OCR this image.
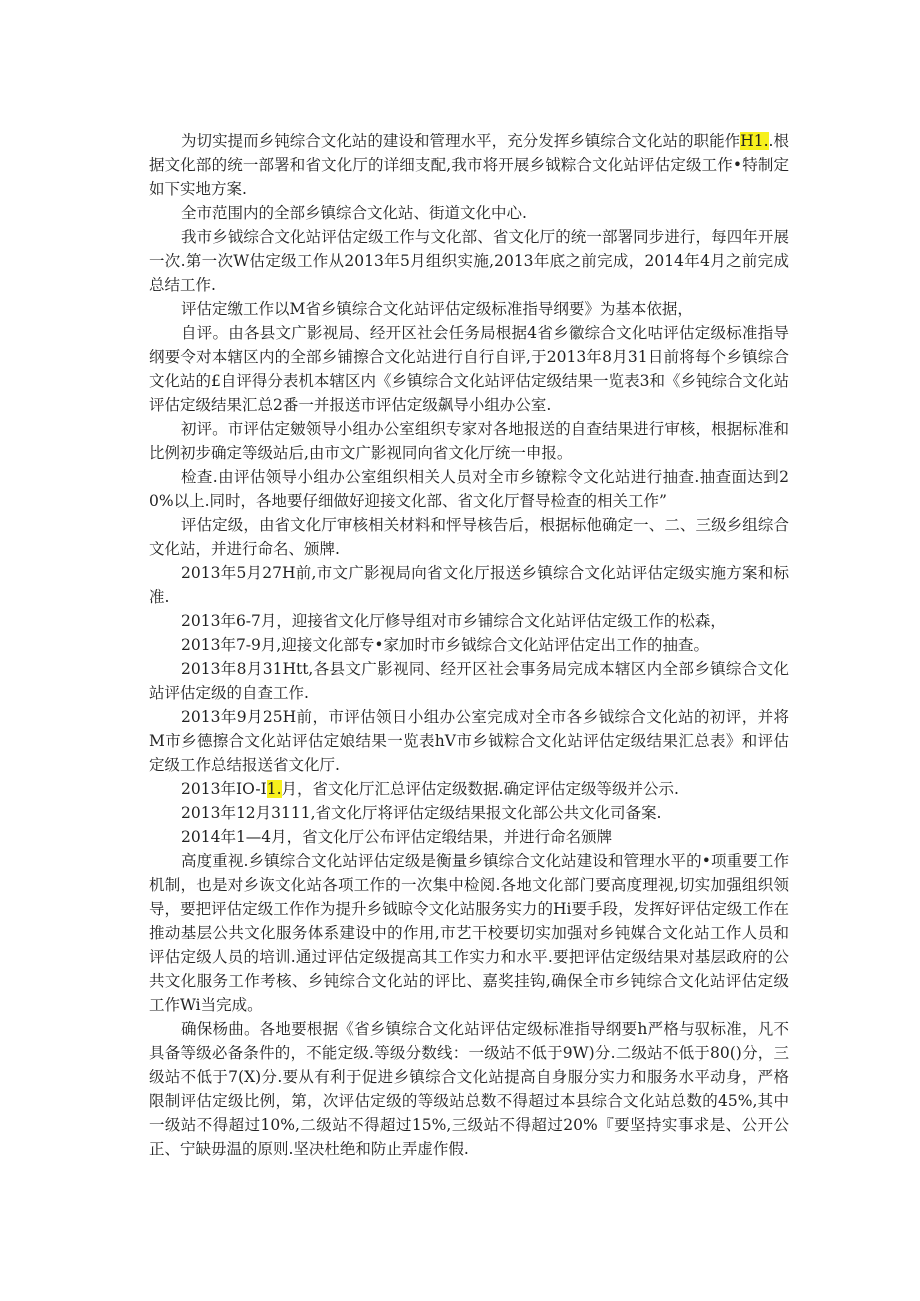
为切实提而乡钝综合文化站的建设和管理水平，充分发挥乡镇综合文化站的职能作H1..根据文化部的统一部署和省文化厅的详细支配,我市将开展乡钺粽合文化站评估定级工作•特制定如下实地方案.

全市范围内的全部乡镇综合文化站、街道文化中心.

我市乡钺综合文化站评估定级工作与文化部、省文化厅的统一部署同步进行，每四年开展一次.第一次W估定级工作从2013年5月组织实施,2013年底之前完成，2014年4月之前完成总结工作.

评估定缴工作以M省乡镇综合文化站评估定级标准指导纲要》为基本依据，

自评。由各县文广影视局、经开区社会任务局根据4省乡徽综合文化咕评估定级标准指导纲要令对本辖区内的全部乡铺擦合文化站进行自行自评,于2013年8月31日前将每个乡镇综合文化站的£自评得分表机本辖区内《乡镇综合文化站评估定级结果一览表3和《乡钝综合文化站评估定级结果汇总2番一并报送市评估定级飙导小组办公室.

初评。市评估定皴领导小组办公室组织专家对各地报送的自查结果进行审核，根据标准和比例初步确定等级站后,由市文广影视同向省文化厅统一申报。

检查.由评估领导小组办公室组织相关人员对全市乡镣粽令文化站进行抽查.抽查面达到20%以上.同时，各地要仔细做好迎接文化部、省文化厅督导检查的相关工作”

评估定级，由省文化厅审核相关材料和怦导核告后，根据标他确定一、二、三级乡组综合文化站，并进行命名、颁牌.

2013年5月27H前,市文广影视局向省文化厅报送乡镇综合文化站评估定级实施方案和标准.

2013年6-7月，迎接省文化厅修导组对市乡铺综合文化站评估定级工作的松森，

2013年7-9月,迎接文化部专•家加时市乡钺综合文化站评估定出工作的抽查。

2013年8月31Htt,各县文广影视同、经开区社会事务局完成本辖区内全部乡镇综合文化站评估定级的自查工作.

2013年9月25H前，市评估领日小组办公室完成对全市各乡钺综合文化站的初评，并将M市乡德擦合文化站评估定娘结果一览表hV市乡钺粽合文化站评估定级结果汇总表》和评估定级工作总结报送省文化厅.

2013年IO-I1.月，省文化厅汇总评估定级数据.确定评估定级等级并公示.

2013年12月3111,省文化厅将评估定级结果报文化部公共文化司备案.

2014年1—4月，省文化厅公布评估定缎结果，并进行命名颁牌

高度重视.乡镇综合文化站评估定级是衡量乡镇综合文化站建设和管理水平的•项重要工作机制，也是对乡诙文化站各项工作的一次集中检阅.各地文化部门要高度理视,切实加强组织领导，要把评估定级工作作为提升乡钺晾令文化站服务实力的Hi要手段，发挥好评估定级工作在推动基层公共文化服务体系建设中的作用,市艺干校要切实加强对乡钝媒合文化站工作人员和评估定级人员的培训.通过评估定级提高其工作实力和水平.要把评估定级结果对基层政府的公共文化服务工作考核、乡钝综合文化站的评比、嘉奖挂钩,确保全市乡钝综合文化站评估定级工作Wi当完成。

确保杨曲。各地要根据《省乡镇综合文化站评估定级标准指导纲要h严格与驭标准，凡不具备等级必备条件的，不能定级.等级分数线：一级站不低于9W)分.二级站不低于80()分，三级站不低于7(X)分.要从有利于促进乡镇综合文化站提高自身服分实力和服务水平动身，严格限制评估定级比例，第，次评估定级的等级站总数不得超过本县综合文化站总数的45%,其中一级站不得超过10%,二级站不得超过15%,三级站不得超过20%『要坚持实事求是、公开公正、宁缺毋温的原则.坚决杜绝和防止弄虚作假.
